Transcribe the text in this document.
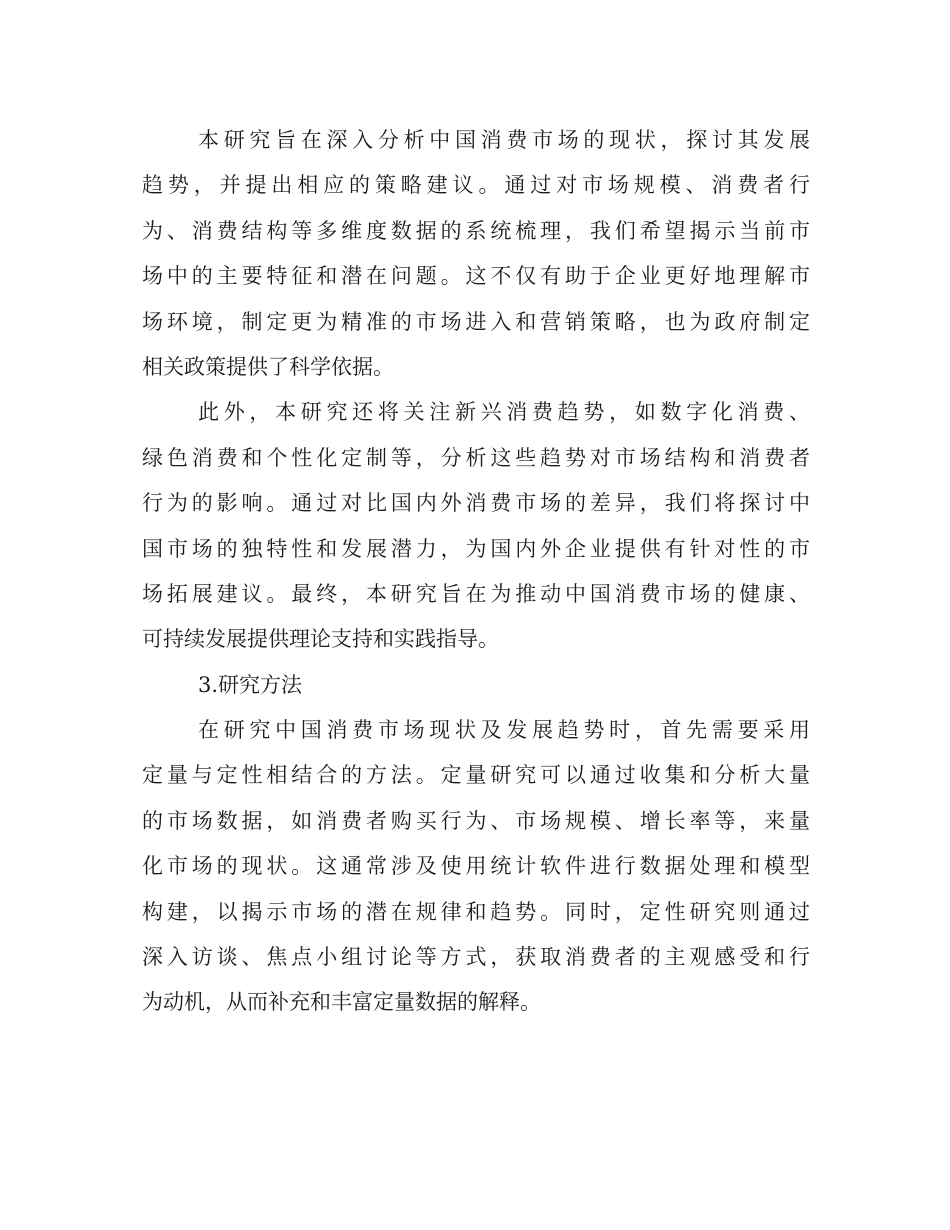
本研究旨在深入分析中国消费市场的现状，探讨其发展
趋势，并提出相应的策略建议。通过对市场规模、消费者行
为、消费结构等多维度数据的系统梳理，我们希望揭示当前市
场中的主要特征和潜在问题。这不仅有助于企业更好地理解市
场环境，制定更为精准的市场进入和营销策略，也为政府制定
相关政策提供了科学依据。
此外，本研究还将关注新兴消费趋势，如数字化消费、
绿色消费和个性化定制等，分析这些趋势对市场结构和消费者
行为的影响。通过对比国内外消费市场的差异，我们将探讨中
国市场的独特性和发展潜力，为国内外企业提供有针对性的市
场拓展建议。最终，本研究旨在为推动中国消费市场的健康、
可持续发展提供理论支持和实践指导。
3.研究方法
在研究中国消费市场现状及发展趋势时，首先需要采用
定量与定性相结合的方法。定量研究可以通过收集和分析大量
的市场数据，如消费者购买行为、市场规模、增长率等，来量
化市场的现状。这通常涉及使用统计软件进行数据处理和模型
构建，以揭示市场的潜在规律和趋势。同时，定性研究则通过
深入访谈、焦点小组讨论等方式，获取消费者的主观感受和行
为动机，从而补充和丰富定量数据的解释。
